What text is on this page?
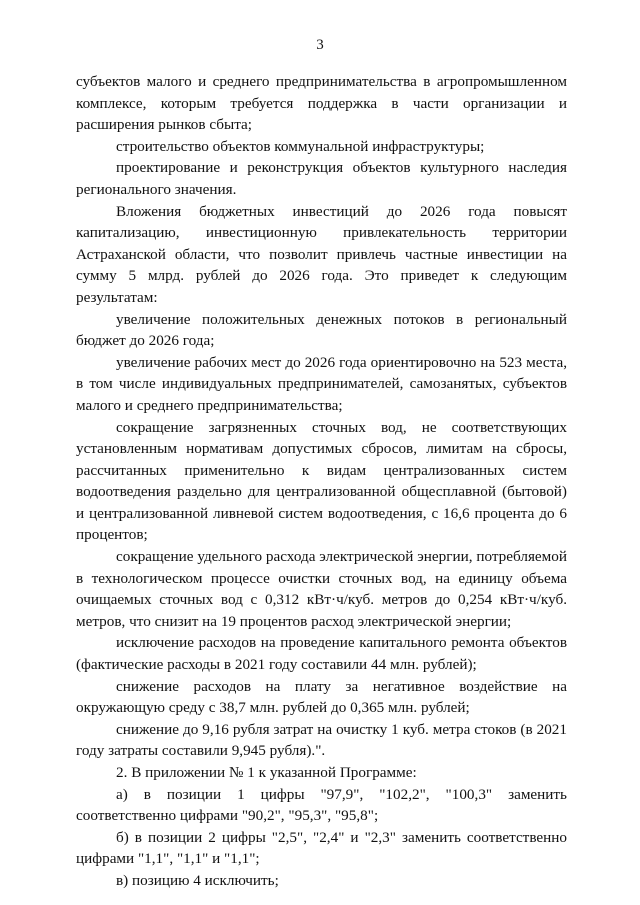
3

субъектов малого и среднего предпринимательства в агропромышленном комплексе, которым требуется поддержка в части организации и расширения рынков сбыта;

строительство объектов коммунальной инфраструктуры;

проектирование и реконструкция объектов культурного наследия регионального значения.

Вложения бюджетных инвестиций до 2026 года повысят капитализацию, инвестиционную привлекательность территории Астраханской области, что позволит привлечь частные инвестиции на сумму 5 млрд. рублей до 2026 года. Это приведет к следующим результатам:

увеличение положительных денежных потоков в региональный бюджет до 2026 года;

увеличение рабочих мест до 2026 года ориентировочно на 523 места, в том числе индивидуальных предпринимателей, самозанятых, субъектов малого и среднего предпринимательства;

сокращение загрязненных сточных вод, не соответствующих установленным нормативам допустимых сбросов, лимитам на сбросы, рассчитанных применительно к видам централизованных систем водоотведения раздельно для централизованной общесплавной (бытовой) и централизованной ливневой систем водоотведения, с 16,6 процента до 6 процентов;

сокращение удельного расхода электрической энергии, потребляемой в технологическом процессе очистки сточных вод, на единицу объема очищаемых сточных вод с 0,312 кВт·ч/куб. метров до 0,254 кВт·ч/куб. метров, что снизит на 19 процентов расход электрической энергии;

исключение расходов на проведение капитального ремонта объектов (фактические расходы в 2021 году составили 44 млн. рублей);

снижение расходов на плату за негативное воздействие на окружающую среду с 38,7 млн. рублей до 0,365 млн. рублей;

снижение до 9,16 рубля затрат на очистку 1 куб. метра стоков (в 2021 году затраты составили 9,945 рубля).".

2. В приложении № 1 к указанной Программе:

а) в позиции 1 цифры "97,9", "102,2", "100,3" заменить соответственно цифрами "90,2", "95,3", "95,8";

б) в позиции 2 цифры "2,5", "2,4" и "2,3" заменить соответственно цифрами "1,1", "1,1" и "1,1";

в) позицию 4 исключить;
